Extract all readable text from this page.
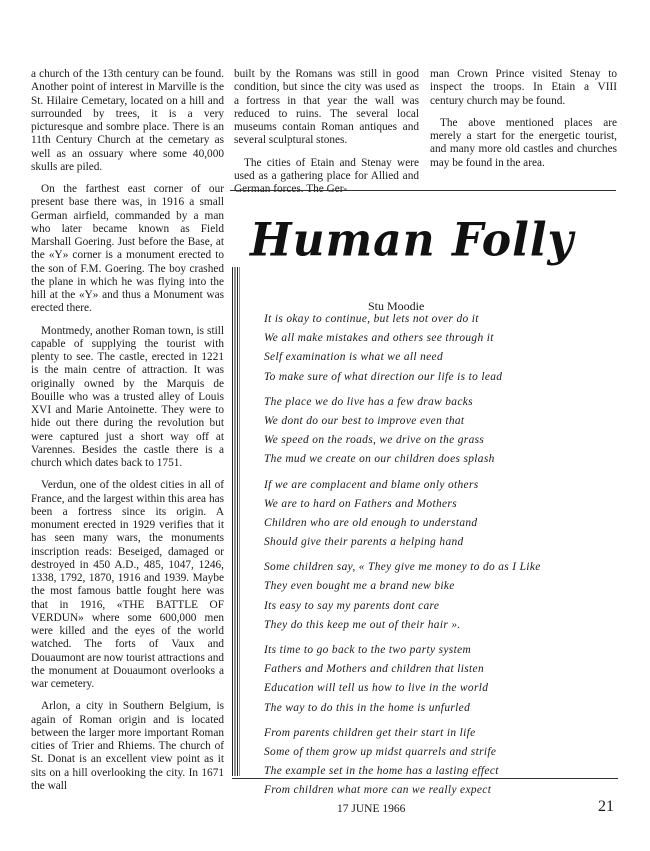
a church of the 13th century can be found. Another point of interest in Marville is the St. Hilaire Cemetary, located on a hill and surrounded by trees, it is a very picturesque and sombre place. There is an 11th Century Church at the cemetary as well as an ossuary where some 40,000 skulls are piled.

On the farthest east corner of our present base there was, in 1916 a small German airfield, commanded by a man who later became known as Field Marshall Goering. Just before the Base, at the «Y» corner is a monument erected to the son of F.M. Goering. The boy crashed the plane in which he was flying into the hill at the «Y» and thus a Monument was erected there.

Montmedy, another Roman town, is still capable of supplying the tourist with plenty to see. The castle, erected in 1221 is the main centre of attraction. It was originally owned by the Marquis de Bouille who was a trusted alley of Louis XVI and Marie Antoinette. They were to hide out there during the revolution but were captured just a short way off at Varennes. Besides the castle there is a church which dates back to 1751.

Verdun, one of the oldest cities in all of France, and the largest within this area has been a fortress since its origin. A monument erected in 1929 verifies that it has seen many wars, the monuments inscription reads: Beseiged, damaged or destroyed in 450 A.D., 485, 1047, 1246, 1338, 1792, 1870, 1916 and 1939. Maybe the most famous battle fought here was that in 1916, «THE BATTLE OF VERDUN» where some 600,000 men were killed and the eyes of the world watched. The forts of Vaux and Douaumont are now tourist attractions and the monument at Douaumont overlooks a war cemetery.

Arlon, a city in Southern Belgium, is again of Roman origin and is located between the larger more important Roman cities of Trier and Rhiems. The church of St. Donat is an excellent view point as it sits on a hill overlooking the city. In 1671 the wall

built by the Romans was still in good condition, but since the city was used as a fortress in that year the wall was reduced to ruins. The several local museums contain Roman antiques and several sculptural stones.

The cities of Etain and Stenay were used as a gathering place for Allied and German forces. The Ger-

man Crown Prince visited Stenay to inspect the troops. In Etain a VIII century church may be found.

The above mentioned places are merely a start for the energetic tourist, and many more old castles and churches may be found in the area.

Human Folly
Stu Moodie
It is okay to continue, but lets not over do it
We all make mistakes and others see through it
Self examination is what we all need
To make sure of what direction our life is to lead
The place we do live has a few draw backs
We dont do our best to improve even that
We speed on the roads, we drive on the grass
The mud we create on our children does splash
If we are complacent and blame only others
We are to hard on Fathers and Mothers
Children who are old enough to understand
Should give their parents a helping hand
Some children say, « They give me money to do as I Like
They even bought me a brand new bike
Its easy to say my parents dont care
They do this keep me out of their hair ».
Its time to go back to the two party system
Fathers and Mothers and children that listen
Education will tell us how to live in the world
The way to do this in the home is unfurled
From parents children get their start in life
Some of them grow up midst quarrels and strife
The example set in the home has a lasting effect
From children what more can we really expect
17 JUNE 1966	21
